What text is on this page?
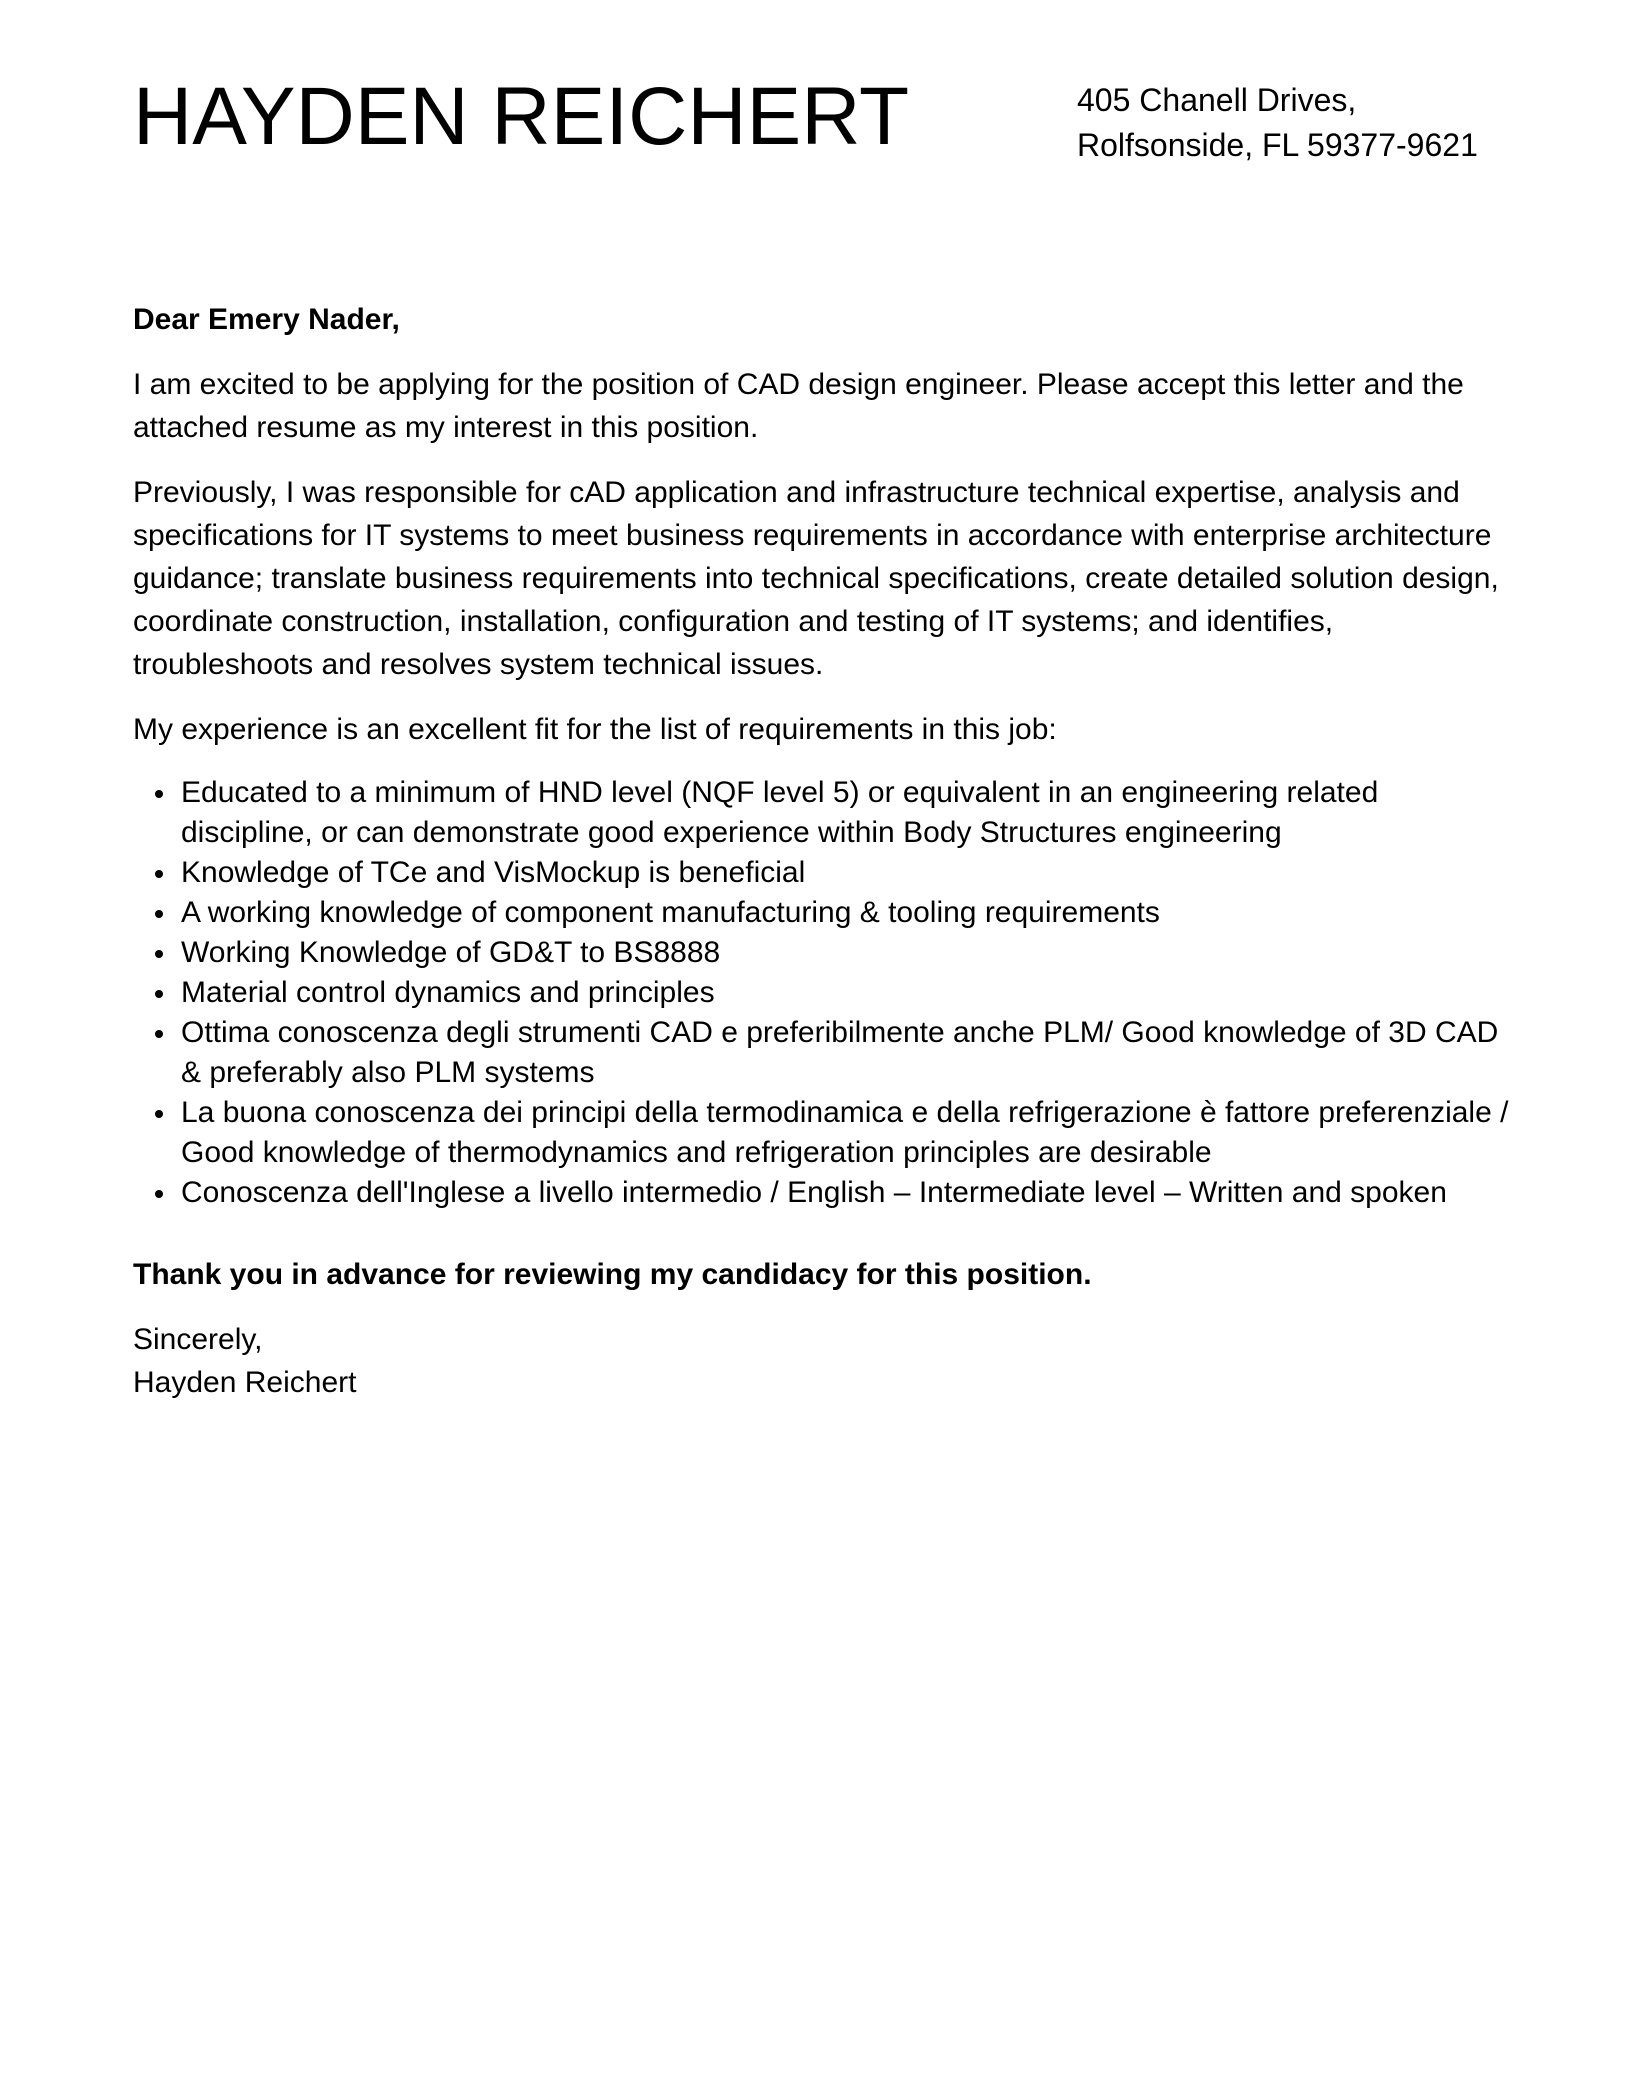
HAYDEN REICHERT	405 Chanell Drives,
Rolfsonside, FL 59377-9621

Dear Emery Nader,

I am excited to be applying for the position of CAD design engineer. Please accept this letter and the attached resume as my interest in this position.

Previously, I was responsible for cAD application and infrastructure technical expertise, analysis and specifications for IT systems to meet business requirements in accordance with enterprise architecture guidance; translate business requirements into technical specifications, create detailed solution design, coordinate construction, installation, configuration and testing of IT systems; and identifies, troubleshoots and resolves system technical issues.

My experience is an excellent fit for the list of requirements in this job:

Educated to a minimum of HND level (NQF level 5) or equivalent in an engineering related discipline, or can demonstrate good experience within Body Structures engineering
Knowledge of TCe and VisMockup is beneficial
A working knowledge of component manufacturing & tooling requirements
Working Knowledge of GD&T to BS8888
Material control dynamics and principles
Ottima conoscenza degli strumenti CAD e preferibilmente anche PLM/ Good knowledge of 3D CAD & preferably also PLM systems
La buona conoscenza dei principi della termodinamica e della refrigerazione è fattore preferenziale / Good knowledge of thermodynamics and refrigeration principles are desirable
Conoscenza dell'Inglese a livello intermedio / English – Intermediate level – Written and spoken

Thank you in advance for reviewing my candidacy for this position.

Sincerely,
Hayden Reichert
